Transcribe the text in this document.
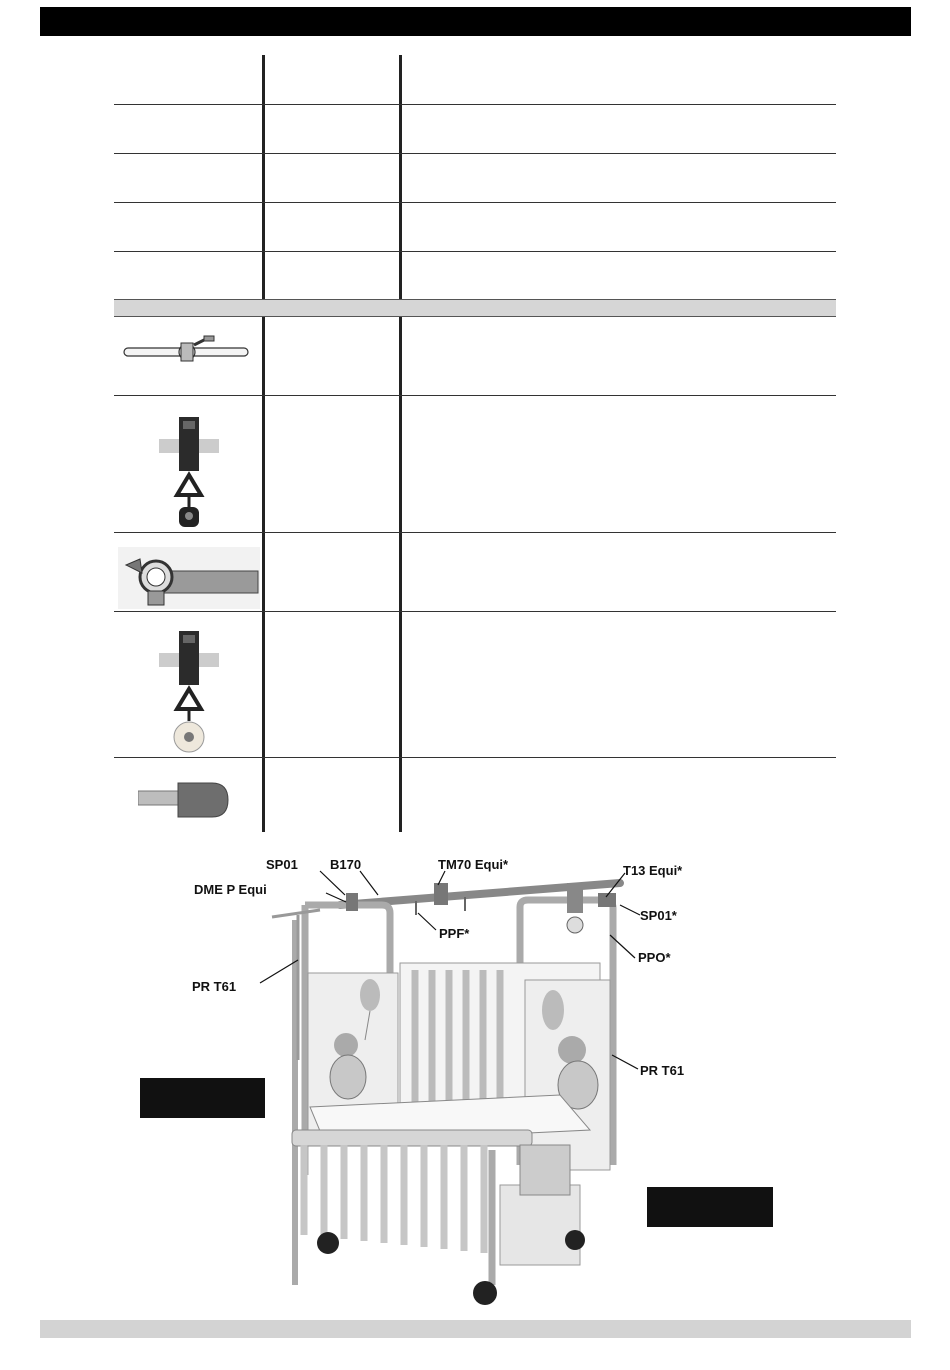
SP01 B170	TM70 Equi*	T13 Equi*
DME P Equi
PPF*
SP01*
PPO*
PR T61
PR T61
